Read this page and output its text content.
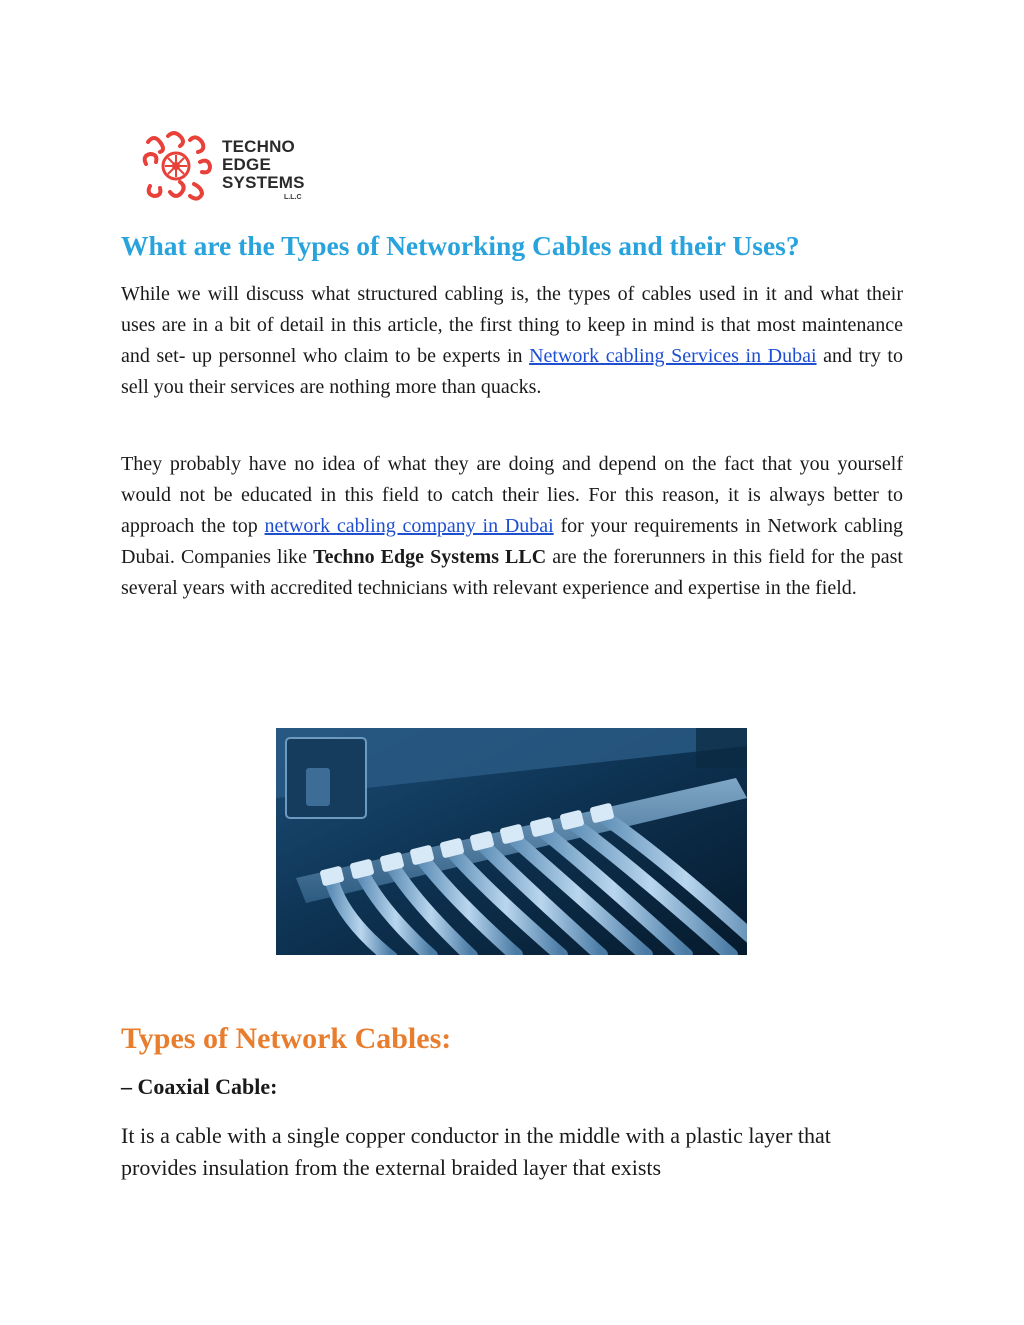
TECHNO
EDGE
SYSTEMS
L.L.C
What are the Types of Networking Cables and their Uses?

While we will discuss what structured cabling is, the types of cables used in it and what their uses are in a bit of detail in this article, the first thing to keep in mind is that most maintenance and set- up personnel who claim to be experts in Network cabling Services in Dubai and try to sell you their services are nothing more than quacks.

They probably have no idea of what they are doing and depend on the fact that you yourself would not be educated in this field to catch their lies. For this reason, it is always better to approach the top network cabling company in Dubai for your requirements in Network cabling Dubai. Companies like Techno Edge Systems LLC are the forerunners in this field for the past several years with accredited technicians with relevant experience and expertise in the field.

Types of Network Cables:
– Coaxial Cable:

It is a cable with a single copper conductor in the middle with a plastic layer that provides insulation from the external braided layer that exists
